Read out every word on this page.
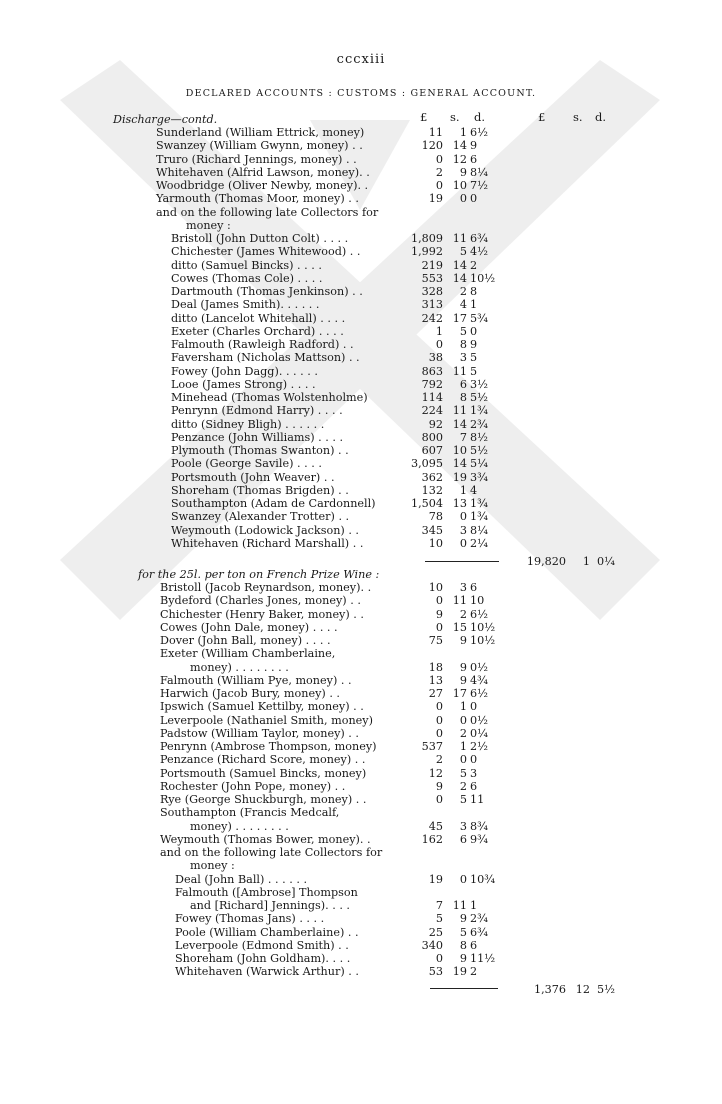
cccxiii
DECLARED ACCOUNTS : CUSTOMS : GENERAL ACCOUNT.
£ s. d.	£ s. d.
Discharge—contd.
Sunderland (William Ettrick, money)	11	1 6½
Swanzey (William Gwynn, money) . .	120 14 9
Truro (Richard Jennings, money) . .	0 12 6
Whitehaven (Alfrid Lawson, money). .	2	9 8¼
Woodbridge (Oliver Newby, money). .	0 10 7½
Yarmouth (Thomas Moor, money) . .	19	0 0
and on the following late Collectors for
money :
Bristoll (John Dutton Colt) . . . .	1,809 11 6¾
Chichester (James Whitewood) . .	1,992	5 4½
ditto (Samuel Bincks) . . . .	219 14 2
Cowes (Thomas Cole) . . . .	553 14 10½
Dartmouth (Thomas Jenkinson) . .	328	2 8
Deal (James Smith). . . . . .	313	4 1
ditto (Lancelot Whitehall) . . . .	242 17 5¾
Exeter (Charles Orchard) . . . .	1	5 0
Falmouth (Rawleigh Radford) . .	0	8 9
Faversham (Nicholas Mattson) . .	38	3 5
Fowey (John Dagg). . . . . .	863 11 5
Looe (James Strong) . . . .	792	6 3½
Minehead (Thomas Wolstenholme)	114	8 5½
Penrynn (Edmond Harry) . . . .	224 11 1¾
ditto (Sidney Bligh) . . . . . .	92 14 2¾
Penzance (John Williams) . . . .	800	7 8½
Plymouth (Thomas Swanton) . .	607 10 5½
Poole (George Savile) . . . .	3,095 14 5¼
Portsmouth (John Weaver) . .	362 19 3¾
Shoreham (Thomas Brigden) . .	132	1 4
Southampton (Adam de Cardonnell)	1,504 13 1¾
Swanzey (Alexander Trotter) . .	78	0 1¾
Weymouth (Lodowick Jackson) . .	345	3 8¼
Whitehaven (Richard Marshall) . .	10	0 2¼
19,820	1 0¼
for the 25l. per ton on French Prize Wine :
Bristoll (Jacob Reynardson, money). .	10	3 6
Bydeford (Charles Jones, money) . .	0 11 10
Chichester (Henry Baker, money) . .	9	2 6½
Cowes (John Dale, money) . . . .	0 15 10½
Dover (John Ball, money) . . . .	75	9 10½
Exeter (William Chamberlaine,
money) . . . . . . . .	18	9 0½
Falmouth (William Pye, money) . .	13	9 4¾
Harwich (Jacob Bury, money) . .	27 17 6½
Ipswich (Samuel Kettilby, money) . .	0	1 0
Leverpoole (Nathaniel Smith, money)	0	0 0½
Padstow (William Taylor, money) . .	0	2 0¼
Penrynn (Ambrose Thompson, money)	537	1 2½
Penzance (Richard Score, money) . .	2	0 0
Portsmouth (Samuel Bincks, money)	12	5 3
Rochester (John Pope, money) . .	9	2 6
Rye (George Shuckburgh, money) . .	0	5 11
Southampton (Francis Medcalf,
money) . . . . . . . .	45	3 8¾
Weymouth (Thomas Bower, money). .	162	6 9¾
and on the following late Collectors for
money :
Deal (John Ball) . . . . . .	19	0 10¾
Falmouth ([Ambrose] Thompson
and [Richard] Jennings). . . .	7 11 1
Fowey (Thomas Jans) . . . .	5	9 2¾
Poole (William Chamberlaine) . .	25	5 6¾
Leverpoole (Edmond Smith) . .	340	8 6
Shoreham (John Goldham). . . .	0	9 11½
Whitehaven (Warwick Arthur) . .	53 19 2
1,376 12 5½
